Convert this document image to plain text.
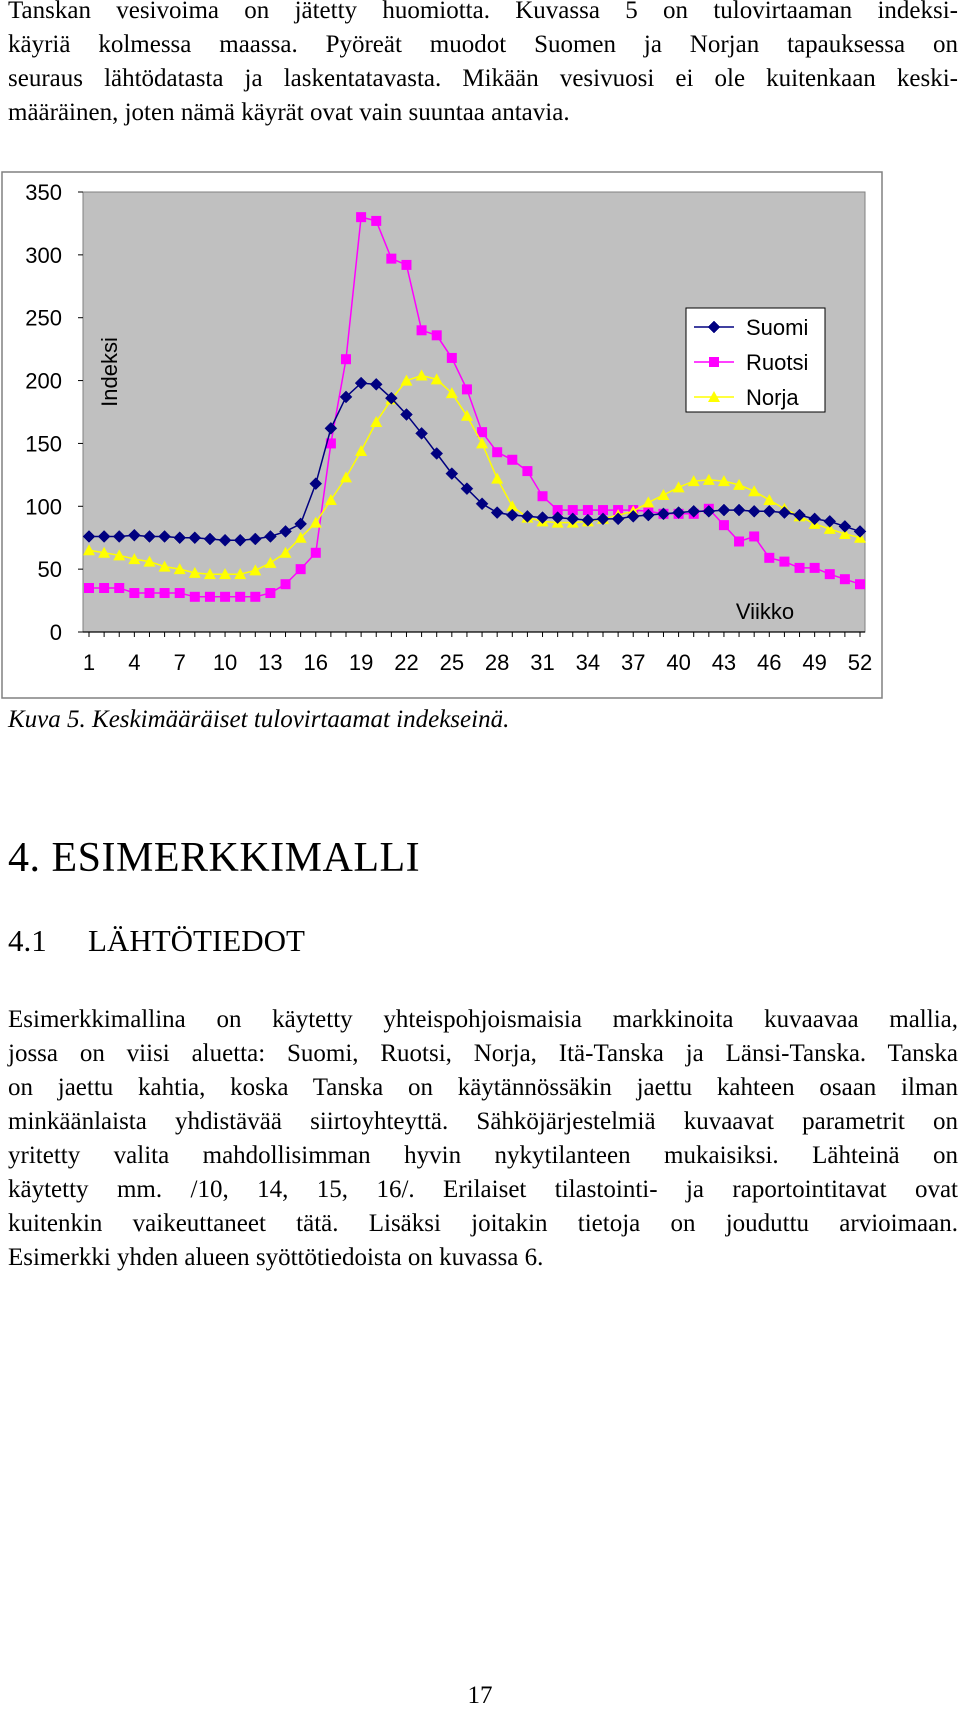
Tanskan vesivoima on jätetty huomiotta. Kuvassa 5 on tulovirtaaman indeksi-
käyriä kolmessa maassa. Pyöreät muodot Suomen ja Norjan tapauksessa on
seuraus lähtödatasta ja laskentatavasta. Mikään vesivuosi ei ole kuitenkaan keski-
määräinen, joten nämä käyrät ovat vain suuntaa antavia.
0
50
100
150
200
250
300
350
1 4 7 10 13 16 19 22 25 28 31 34 37 40 43 46 49 52
Suomi
Ruotsi
Norja
Indeksi
Viikko

Kuva 5. Keskimääräiset tulovirtaamat indekseinä.

4. ESIMERKKIMALLI
4.1 LÄHTÖTIEDOT
Esimerkkimallina on käytetty yhteispohjoismaisia markkinoita kuvaavaa mallia,
jossa on viisi aluetta: Suomi, Ruotsi, Norja, Itä-Tanska ja Länsi-Tanska. Tanska
on jaettu kahtia, koska Tanska on käytännössäkin jaettu kahteen osaan ilman
minkäänlaista yhdistävää siirtoyhteyttä. Sähköjärjestelmiä kuvaavat parametrit on
yritetty valita mahdollisimman hyvin nykytilanteen mukaisiksi. Lähteinä on
käytetty mm. /10, 14, 15, 16/. Erilaiset tilastointi- ja raportointitavat ovat
kuitenkin vaikeuttaneet tätä. Lisäksi joitakin tietoja on jouduttu arvioimaan.
Esimerkki yhden alueen syöttötiedoista on kuvassa 6.
17
